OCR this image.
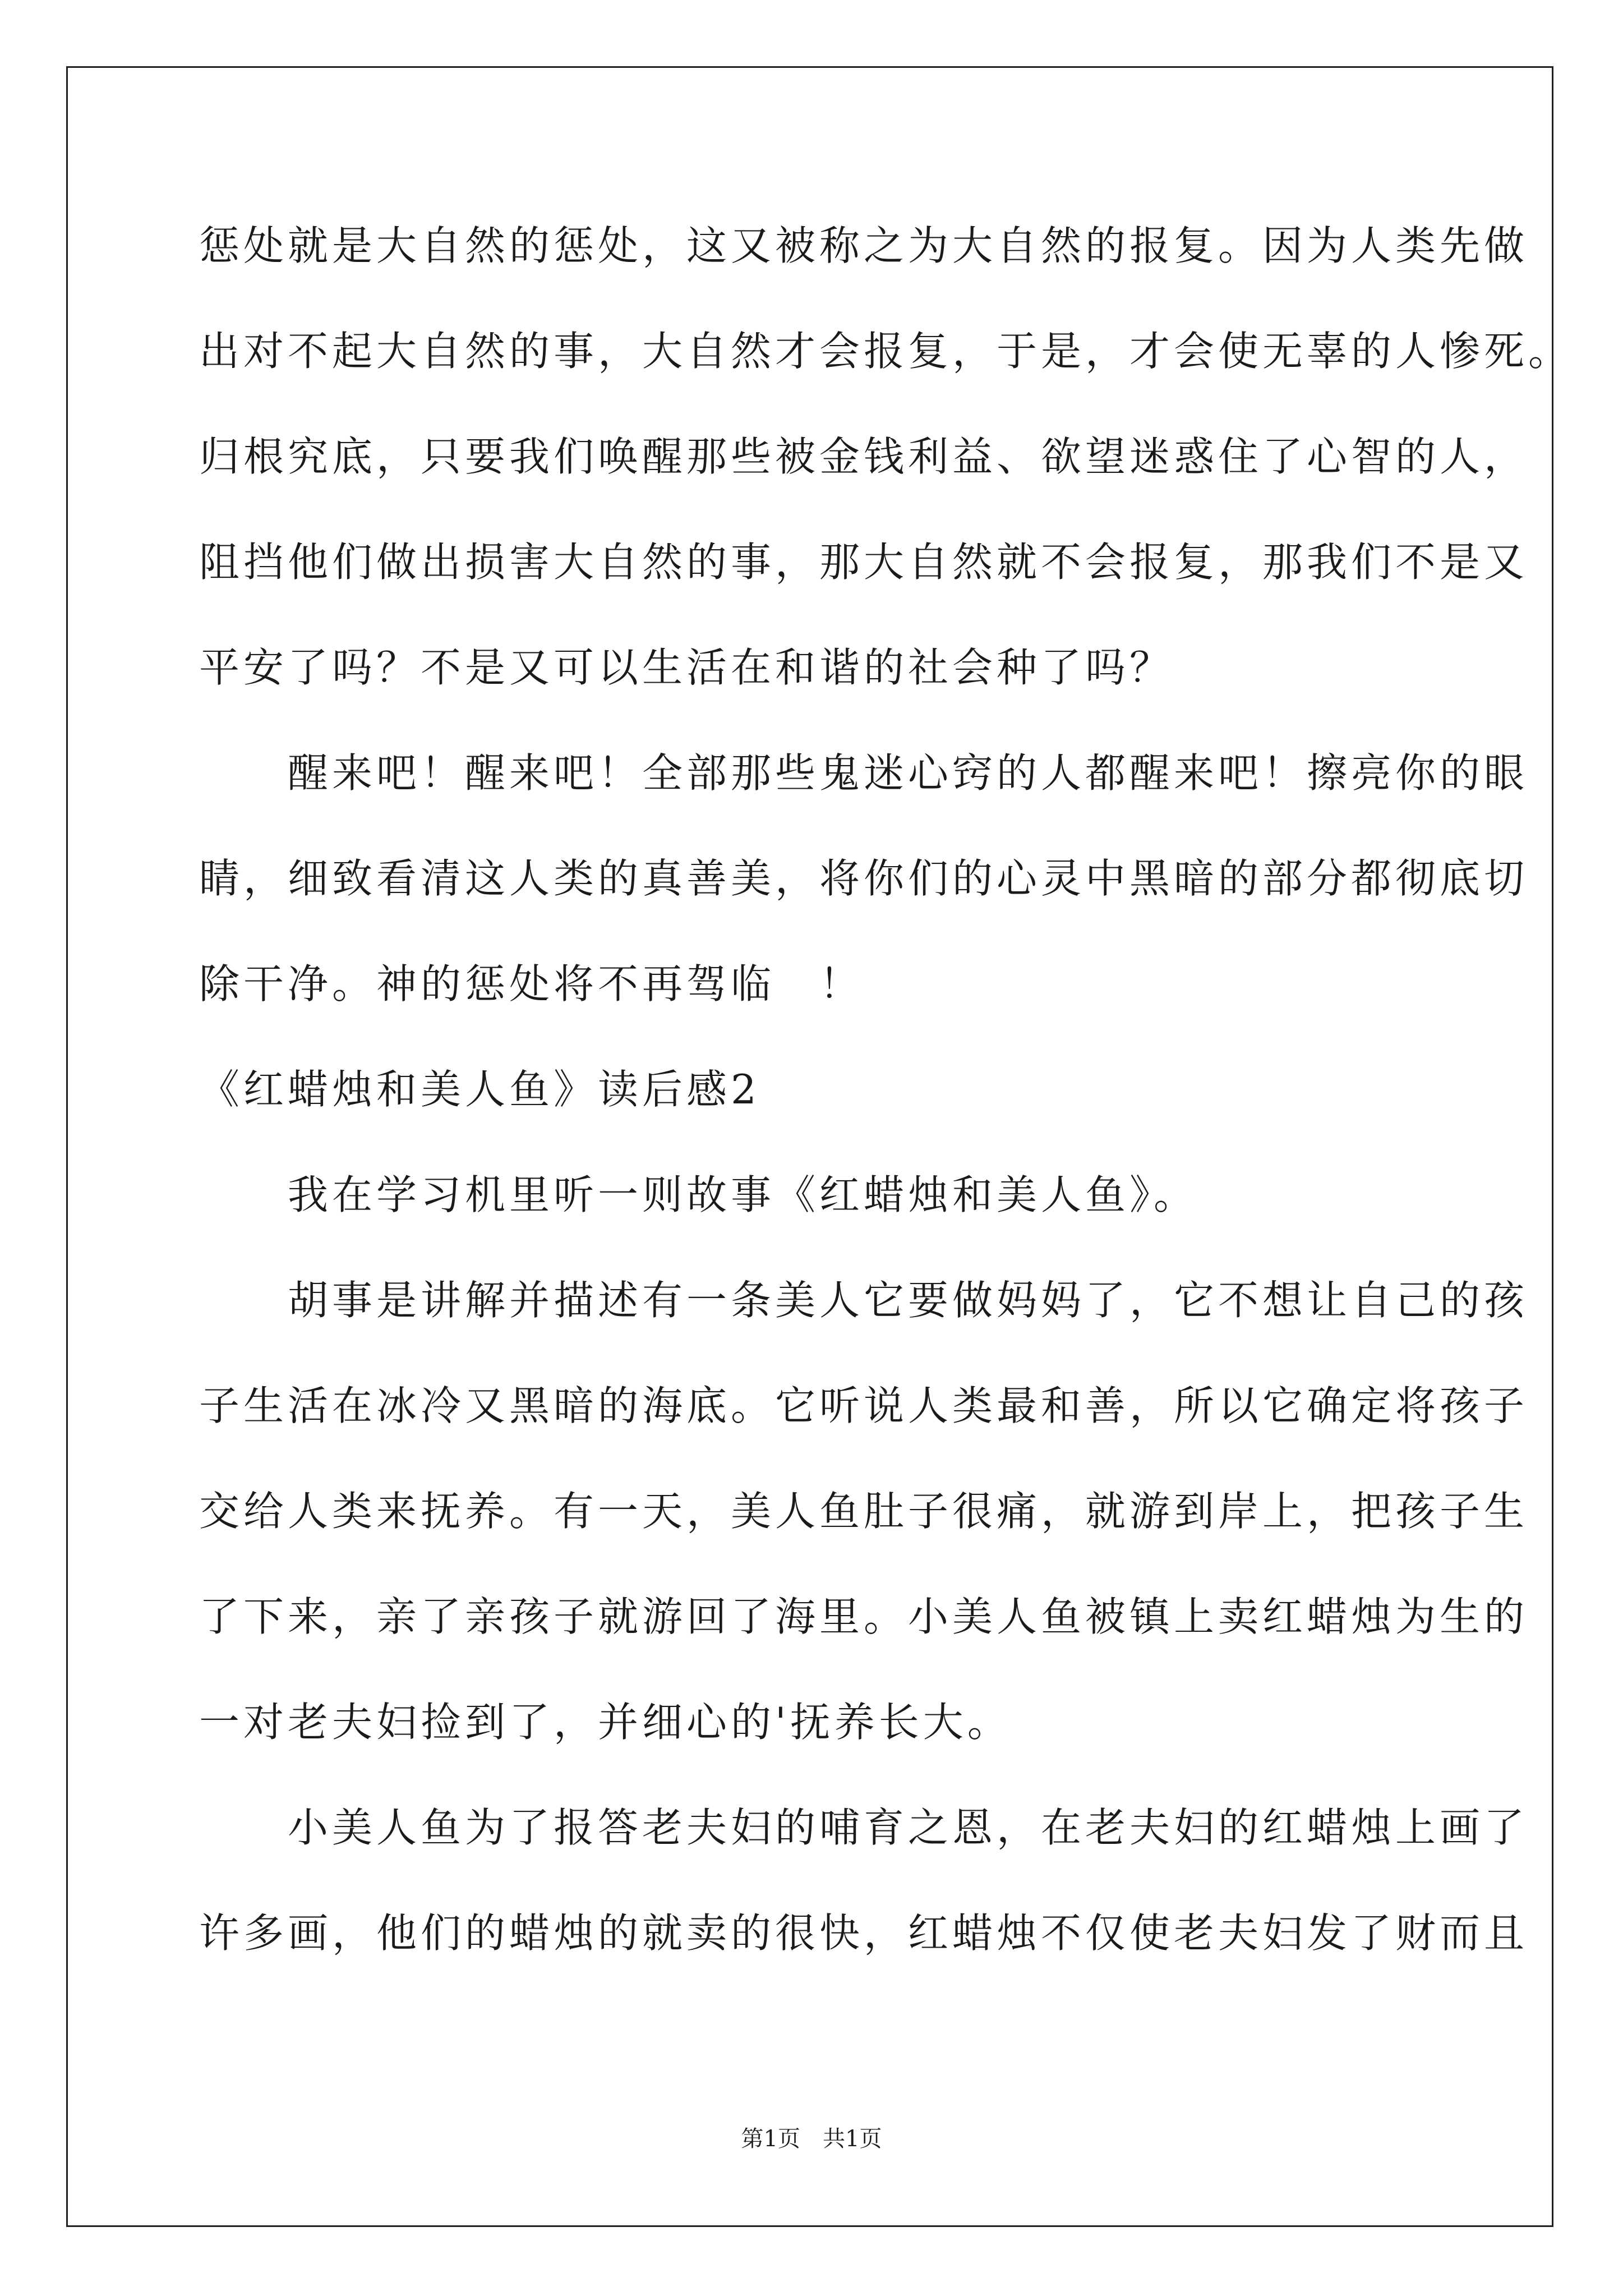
惩处就是大自然的惩处，这又被称之为大自然的报复。因为人类先做
出对不起大自然的事，大自然才会报复，于是，才会使无辜的人惨死。
归根究底，只要我们唤醒那些被金钱利益、欲望迷惑住了心智的人，
阻挡他们做出损害大自然的事，那大自然就不会报复，那我们不是又
平安了吗？不是又可以生活在和谐的社会种了吗？
　　醒来吧！醒来吧！全部那些鬼迷心窍的人都醒来吧！擦亮你的眼
睛，细致看清这人类的真善美，将你们的心灵中黑暗的部分都彻底切
除干净。神的惩处将不再驾临　！
《红蜡烛和美人鱼》读后感2
　　我在学习机里听一则故事《红蜡烛和美人鱼》。
　　胡事是讲解并描述有一条美人它要做妈妈了，它不想让自己的孩
子生活在冰冷又黑暗的海底。它听说人类最和善，所以它确定将孩子
交给人类来抚养。有一天，美人鱼肚子很痛，就游到岸上，把孩子生
了下来，亲了亲孩子就游回了海里。小美人鱼被镇上卖红蜡烛为生的
一对老夫妇捡到了，并细心的'抚养长大。
　　小美人鱼为了报答老夫妇的哺育之恩，在老夫妇的红蜡烛上画了
许多画，他们的蜡烛的就卖的很快，红蜡烛不仅使老夫妇发了财而且
第1页　共1页
